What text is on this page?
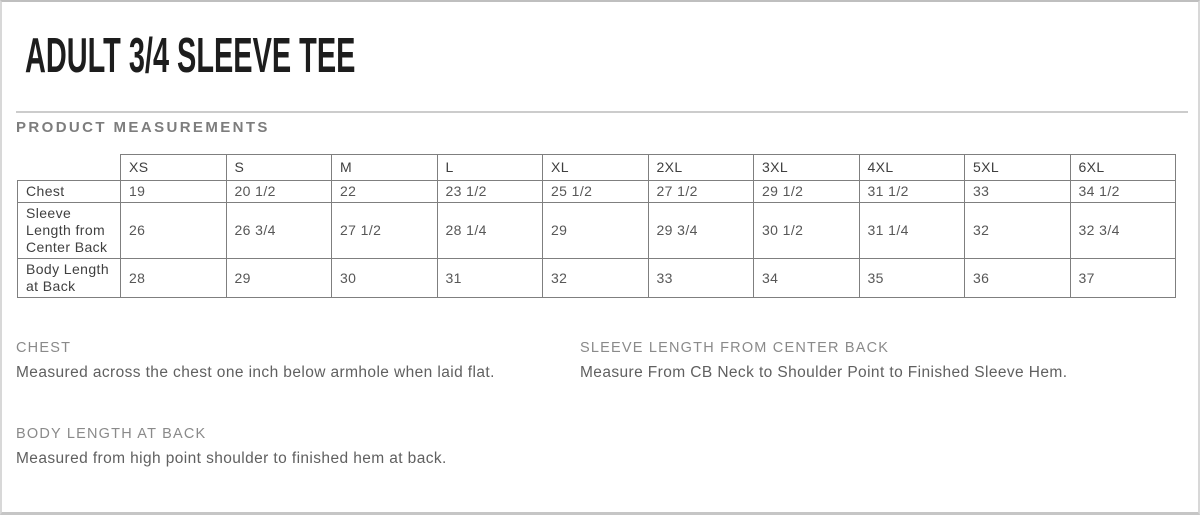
ADULT 3/4 SLEEVE TEE
PRODUCT MEASUREMENTS
	XS	S	M	L	XL	2XL	3XL	4XL	5XL	6XL
Chest	19	20 1/2	22	23 1/2	25 1/2	27 1/2	29 1/2	31 1/2	33	34 1/2
Sleeve Length from Center Back	26	26 3/4	27 1/2	28 1/4	29	29 3/4	30 1/2	31 1/4	32	32 3/4
Body Length at Back	28	29	30	31	32	33	34	35	36	37
CHEST
Measured across the chest one inch below armhole when laid flat.
SLEEVE LENGTH FROM CENTER BACK
Measure From CB Neck to Shoulder Point to Finished Sleeve Hem.
BODY LENGTH AT BACK
Measured from high point shoulder to finished hem at back.
